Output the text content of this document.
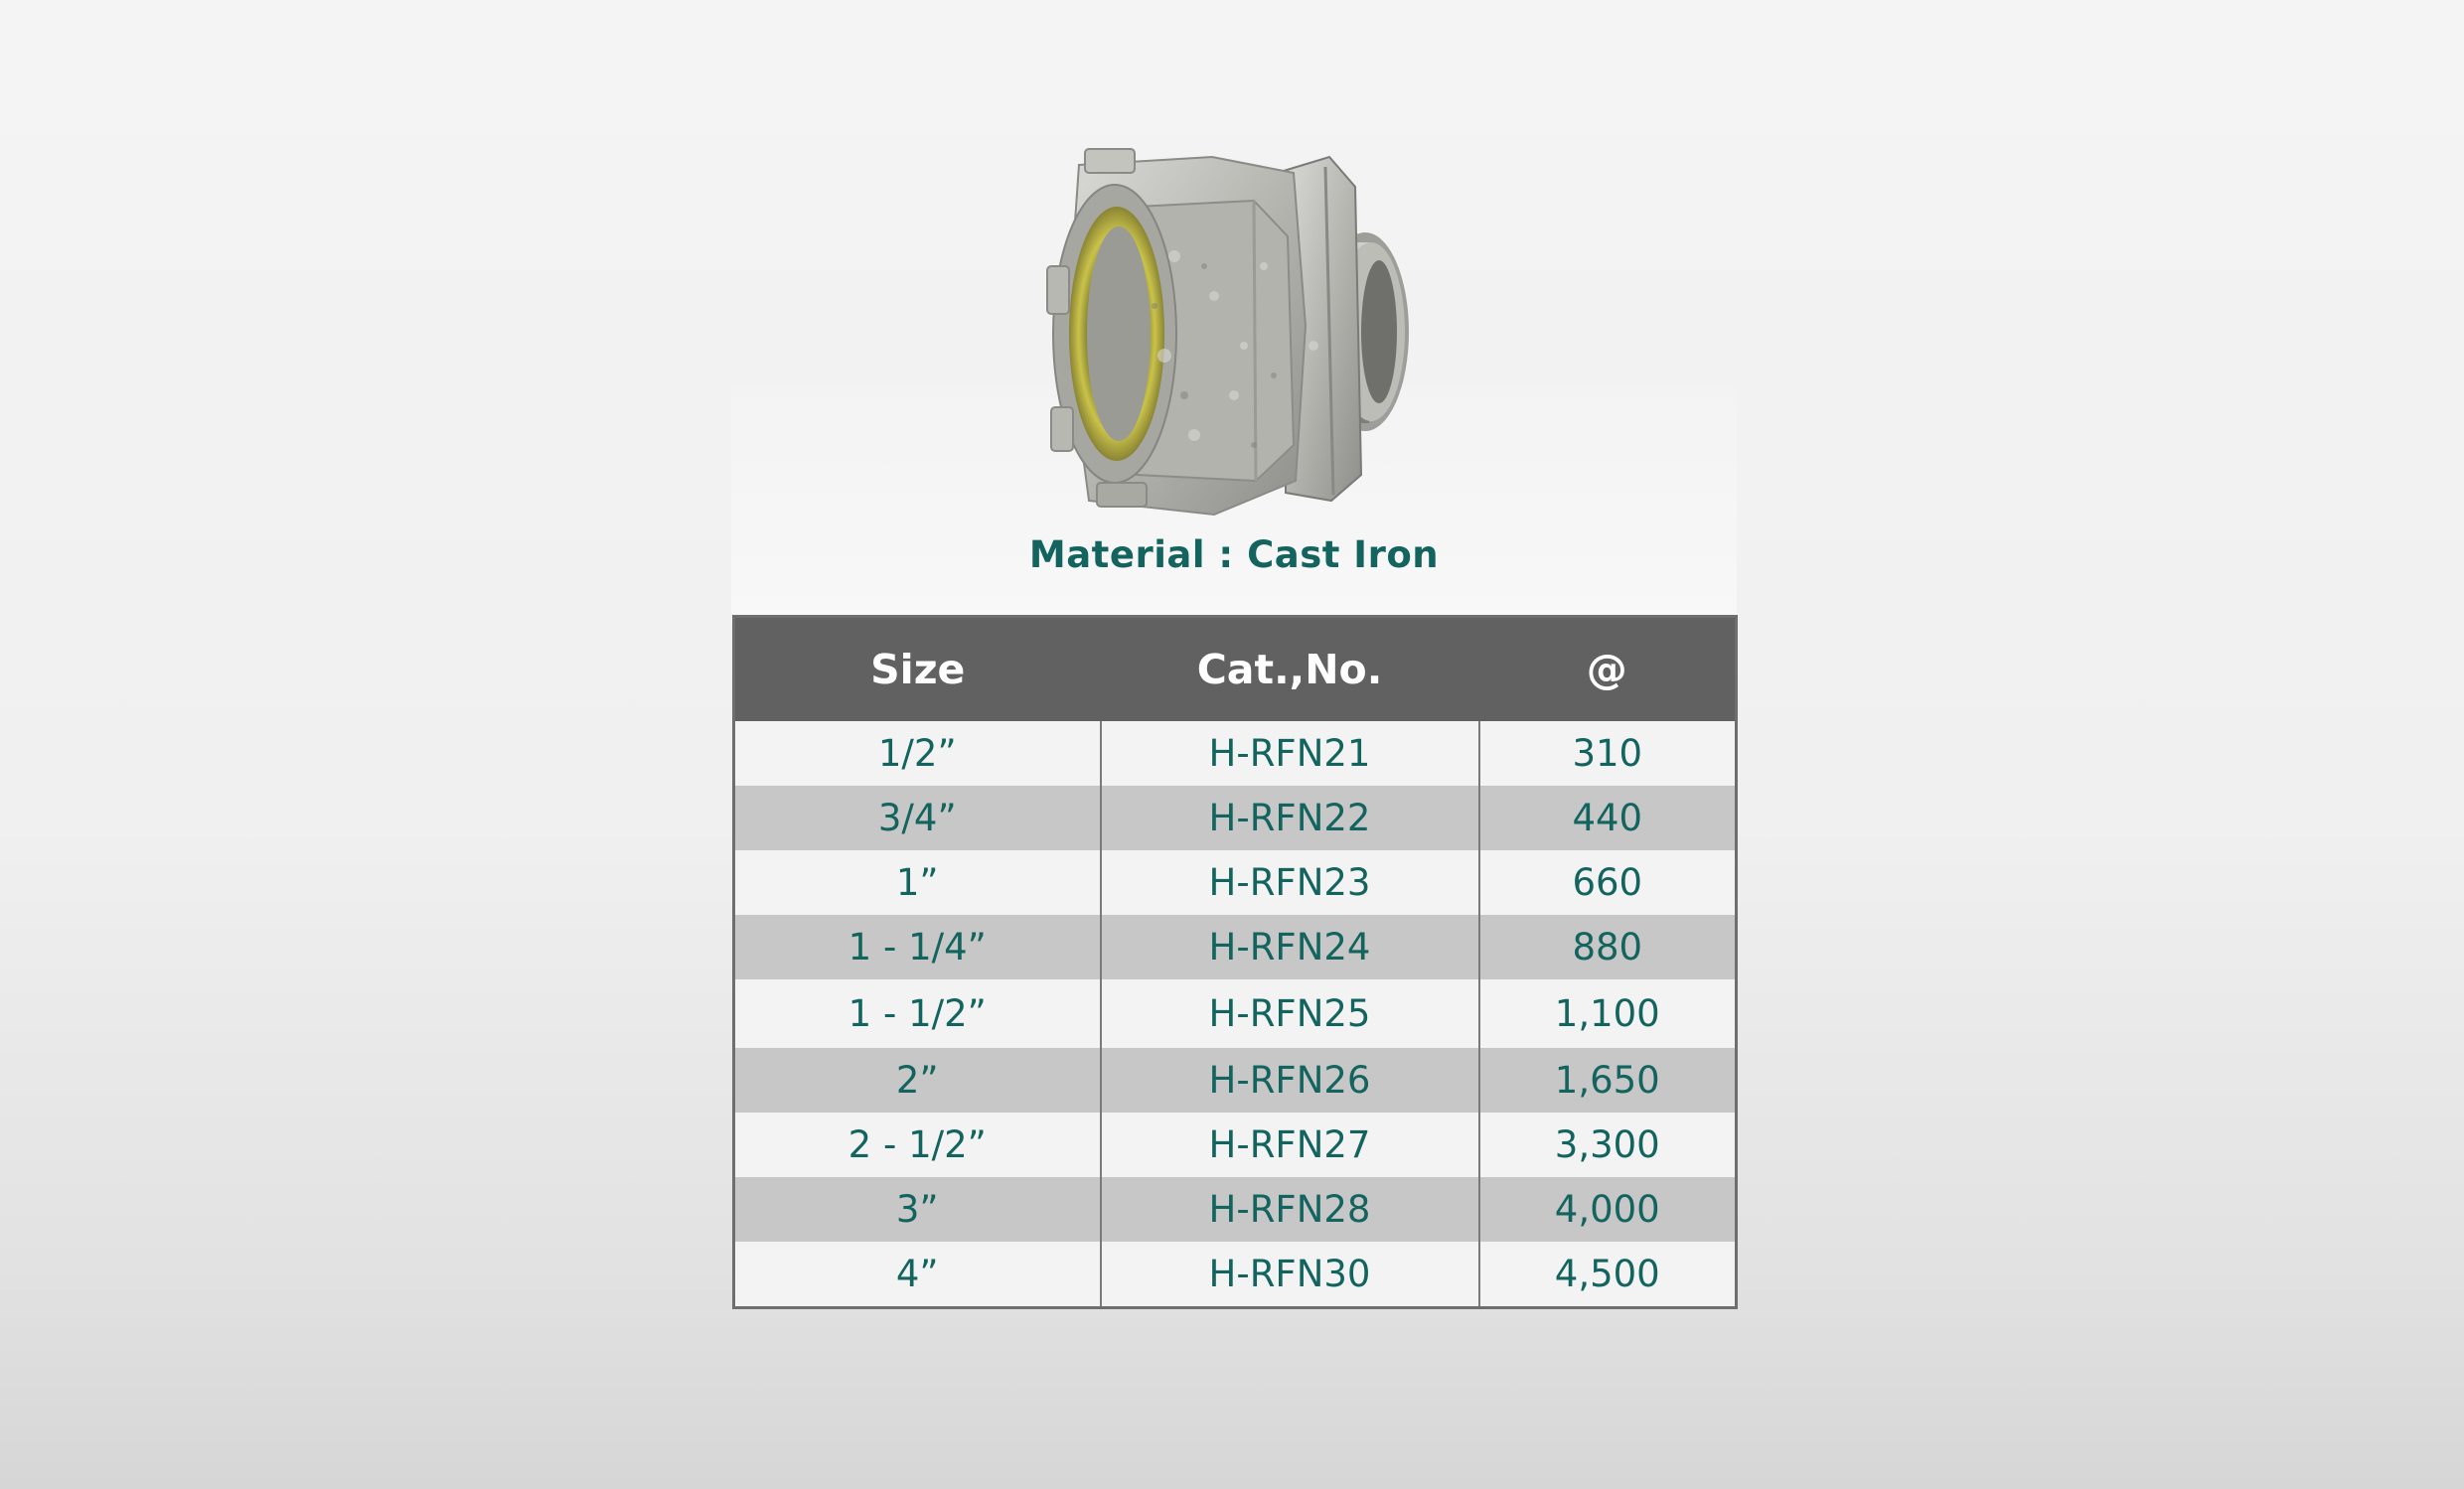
Material : Cast Iron
Size	Cat.,No.	@
1/2”	H-RFN21	310
3/4”	H-RFN22	440
1”	H-RFN23	660
1 - 1/4”	H-RFN24	880
1 - 1/2”	H-RFN25	1,100
2”	H-RFN26	1,650
2 - 1/2”	H-RFN27	3,300
3”	H-RFN28	4,000
4”	H-RFN30	4,500
